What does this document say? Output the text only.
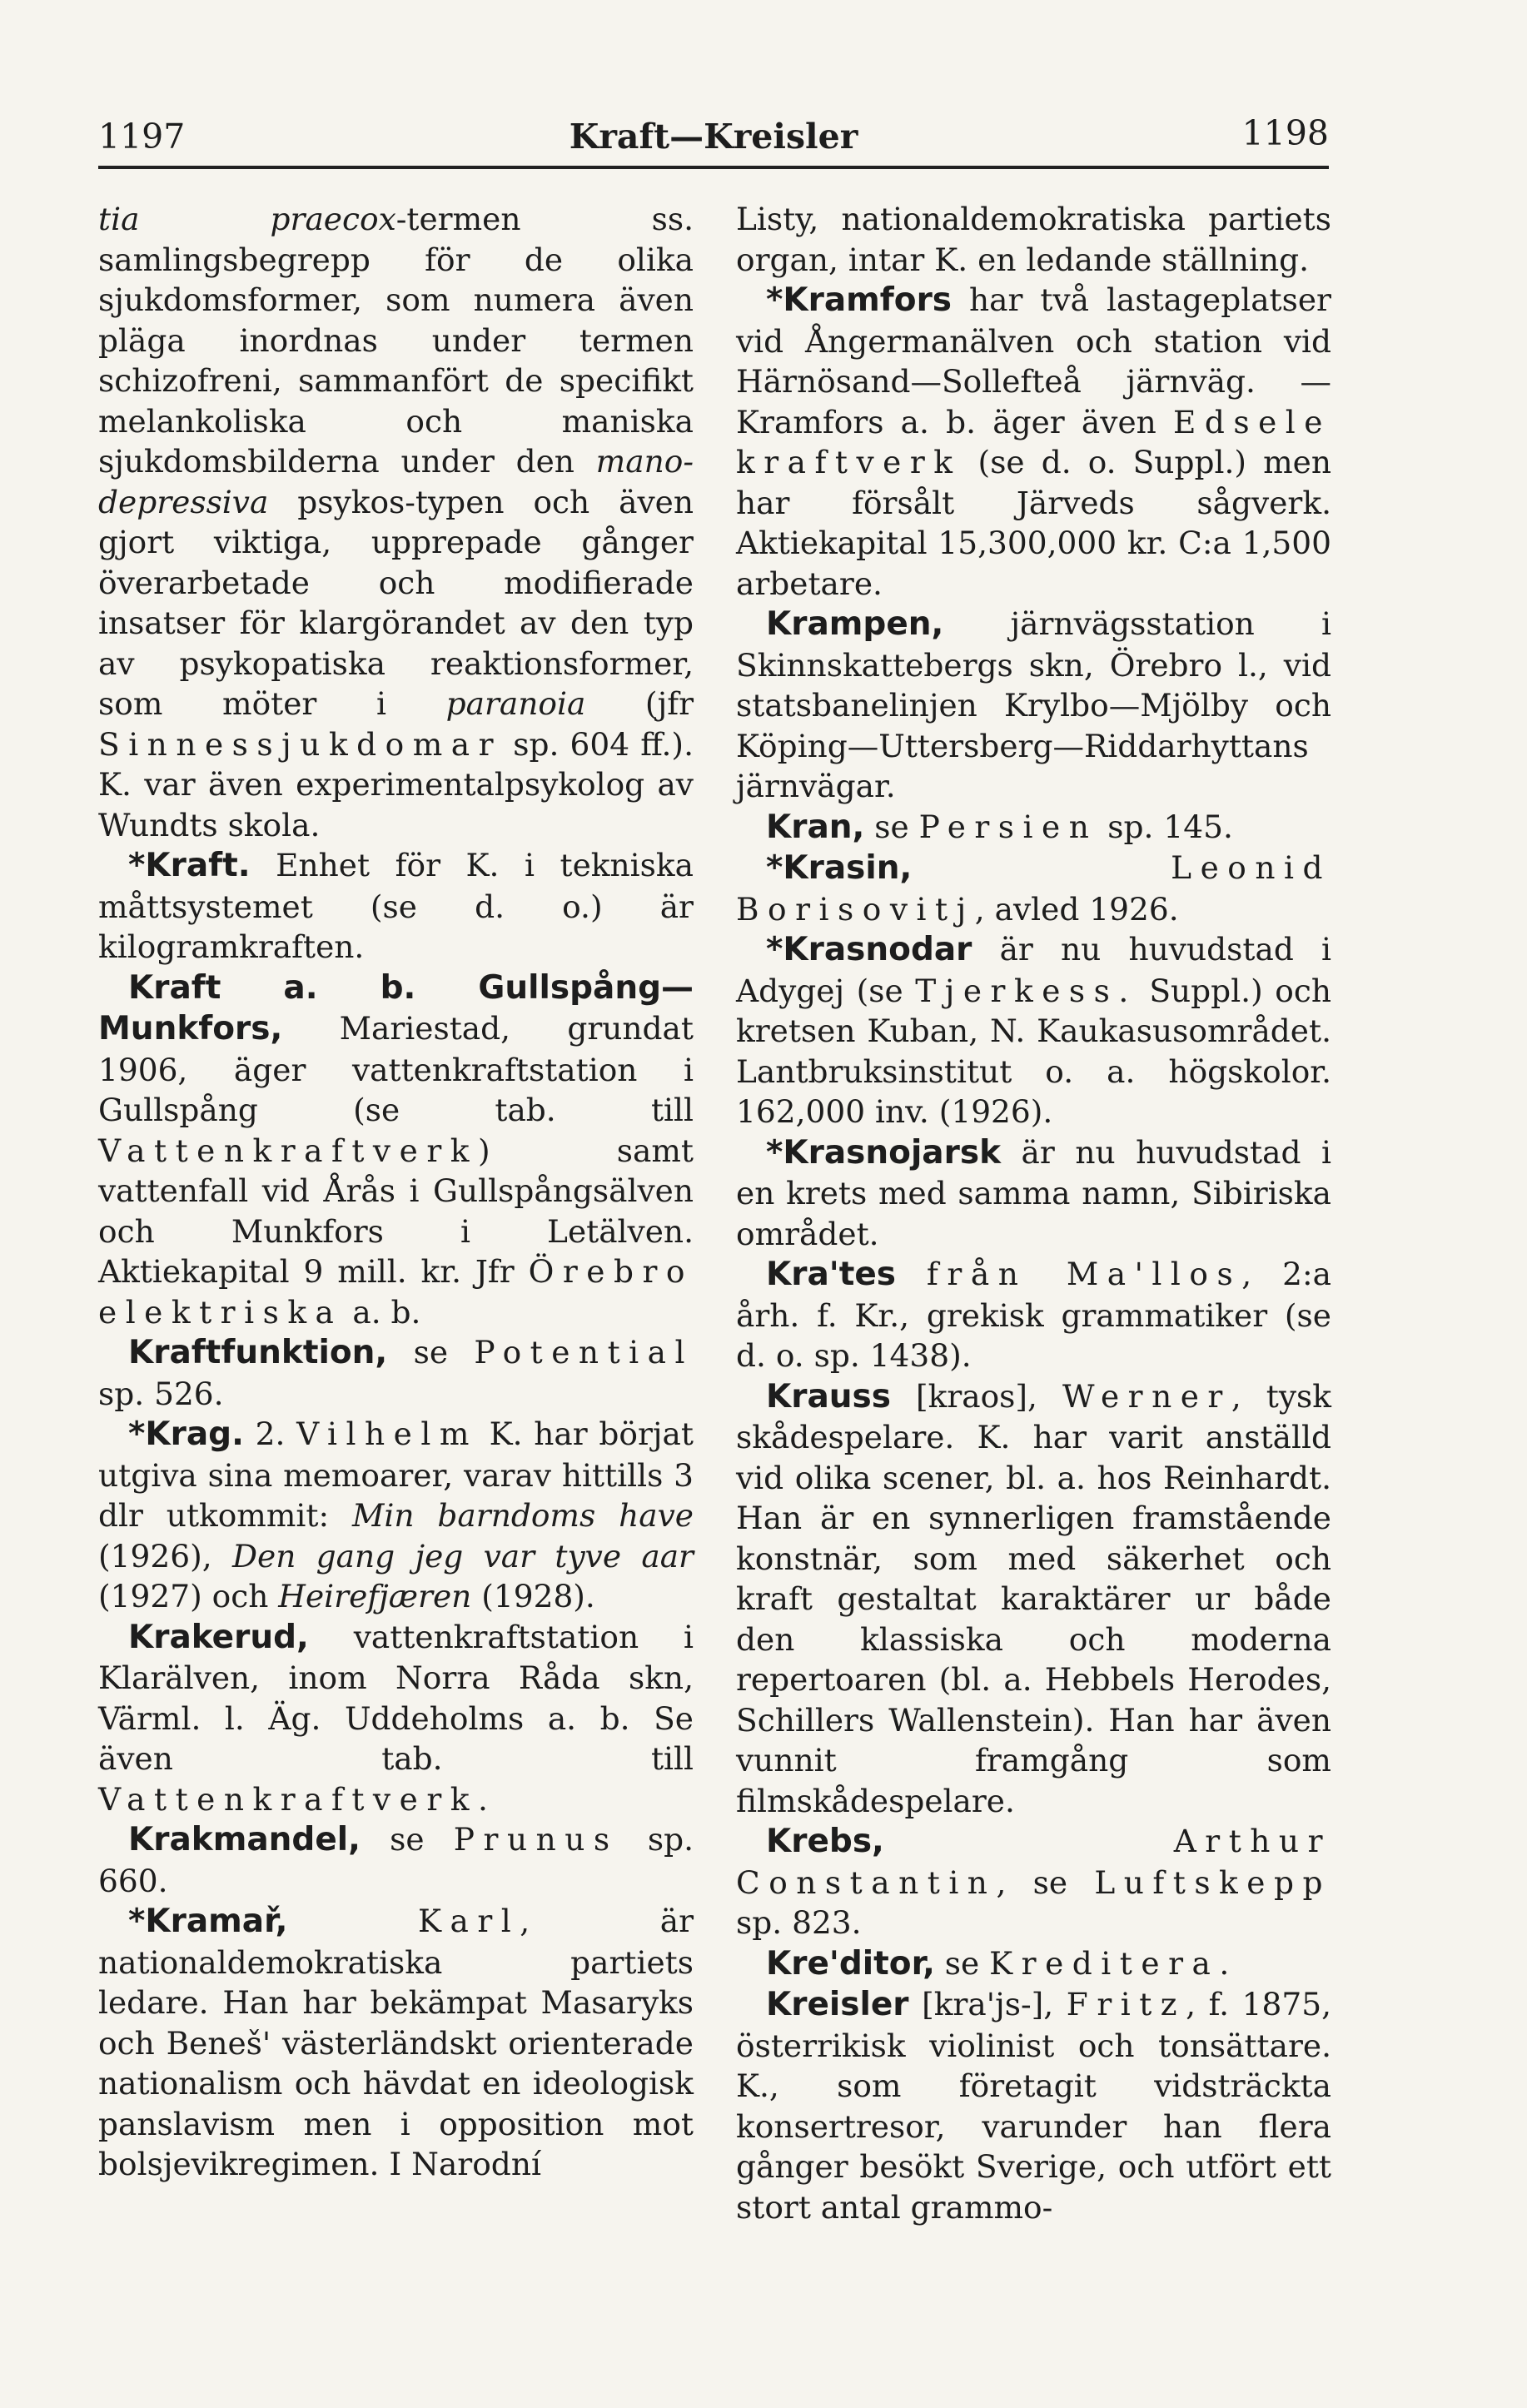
1197	Kraft—Kreisler	1198

tia praecox-termen ss. samlingsbegrepp för de olika sjukdomsformer, som numera även pläga inordnas under termen schizofreni, sammanfört de specifikt melankoliska och maniska sjukdomsbilderna under den mano-depressiva psykos-typen och även gjort viktiga, upprepade gånger överarbetade och modifierade insatser för klargörandet av den typ av psykopatiska reaktionsformer, som möter i paranoia (jfr Sinnessjukdomar sp. 604 ff.). K. var även experimentalpsykolog av Wundts skola.

*Kraft. Enhet för K. i tekniska måttsystemet (se d. o.) är kilogramkraften.

Kraft a. b. Gullspång—Munkfors, Mariestad, grundat 1906, äger vattenkraftstation i Gullspång (se tab. till Vattenkraftverk) samt vattenfall vid Årås i Gullspångsälven och Munkfors i Letälven. Aktiekapital 9 mill. kr. Jfr Örebro elektriska a. b.

Kraftfunktion, se Potential sp. 526.

*Krag. 2. Vilhelm K. har börjat utgiva sina memoarer, varav hittills 3 dlr utkommit: Min barndoms have (1926), Den gang jeg var tyve aar (1927) och Heirefjæren (1928).

Krakerud, vattenkraftstation i Klarälven, inom Norra Råda skn, Värml. l. Äg. Uddeholms a. b. Se även tab. till Vattenkraftverk.

Krakmandel, se Prunus sp. 660.

*Kramař,	Karl, är nationaldemokratiska partiets ledare. Han har bekämpat Masaryks och Beneš' västerländskt orienterade nationalism och hävdat en ideologisk panslavism men i opposition mot bolsjevikregimen. I Narodní

Listy, nationaldemokratiska partiets organ, intar K. en ledande ställning.

*Kramfors har två lastageplatser vid Ångermanälven och station vid Härnösand—Sollefteå järnväg. — Kramfors a. b. äger även Edsele kraftverk (se d. o. Suppl.) men har försålt Järveds sågverk. Aktiekapital 15,300,000 kr. C:a 1,500 arbetare.

Krampen, järnvägsstation i Skinnskattebergs skn, Örebro l., vid statsbanelinjen Krylbo—Mjölby och Köping—Uttersberg—Riddarhyttans järnvägar.

Kran, se Persien sp. 145.

*Krasin,	Leonid Borisovitj, avled 1926.

*Krasnodar är nu huvudstad i Adygej (se Tjerkess. Suppl.) och kretsen Kuban, N. Kaukasusområdet. Lantbruksinstitut o. a. högskolor. 162,000 inv. (1926).

*Krasnojarsk är nu huvudstad i en krets med samma namn, Sibiriska området.

Kra'tes från Ma'llos, 2:a årh. f. Kr., grekisk grammatiker (se d. o. sp. 1438).

Krauss [kraos], Werner, tysk skådespelare. K. har varit anställd vid olika scener, bl. a. hos Reinhardt. Han är en synnerligen framstående konstnär, som med säkerhet och kraft gestaltat karaktärer ur både den klassiska och moderna repertoaren (bl. a. Hebbels Herodes, Schillers Wallenstein). Han har även vunnit framgång som filmskådespelare.

Krebs,	Arthur Constantin, se Luftskepp sp. 823.

Kre'ditor, se Kreditera.

Kreisler [kra'js-], Fritz, f. 1875, österrikisk violinist och tonsättare. K., som företagit vidsträckta konsertresor, varunder han flera gånger besökt Sverige, och utfört ett stort antal grammo-
